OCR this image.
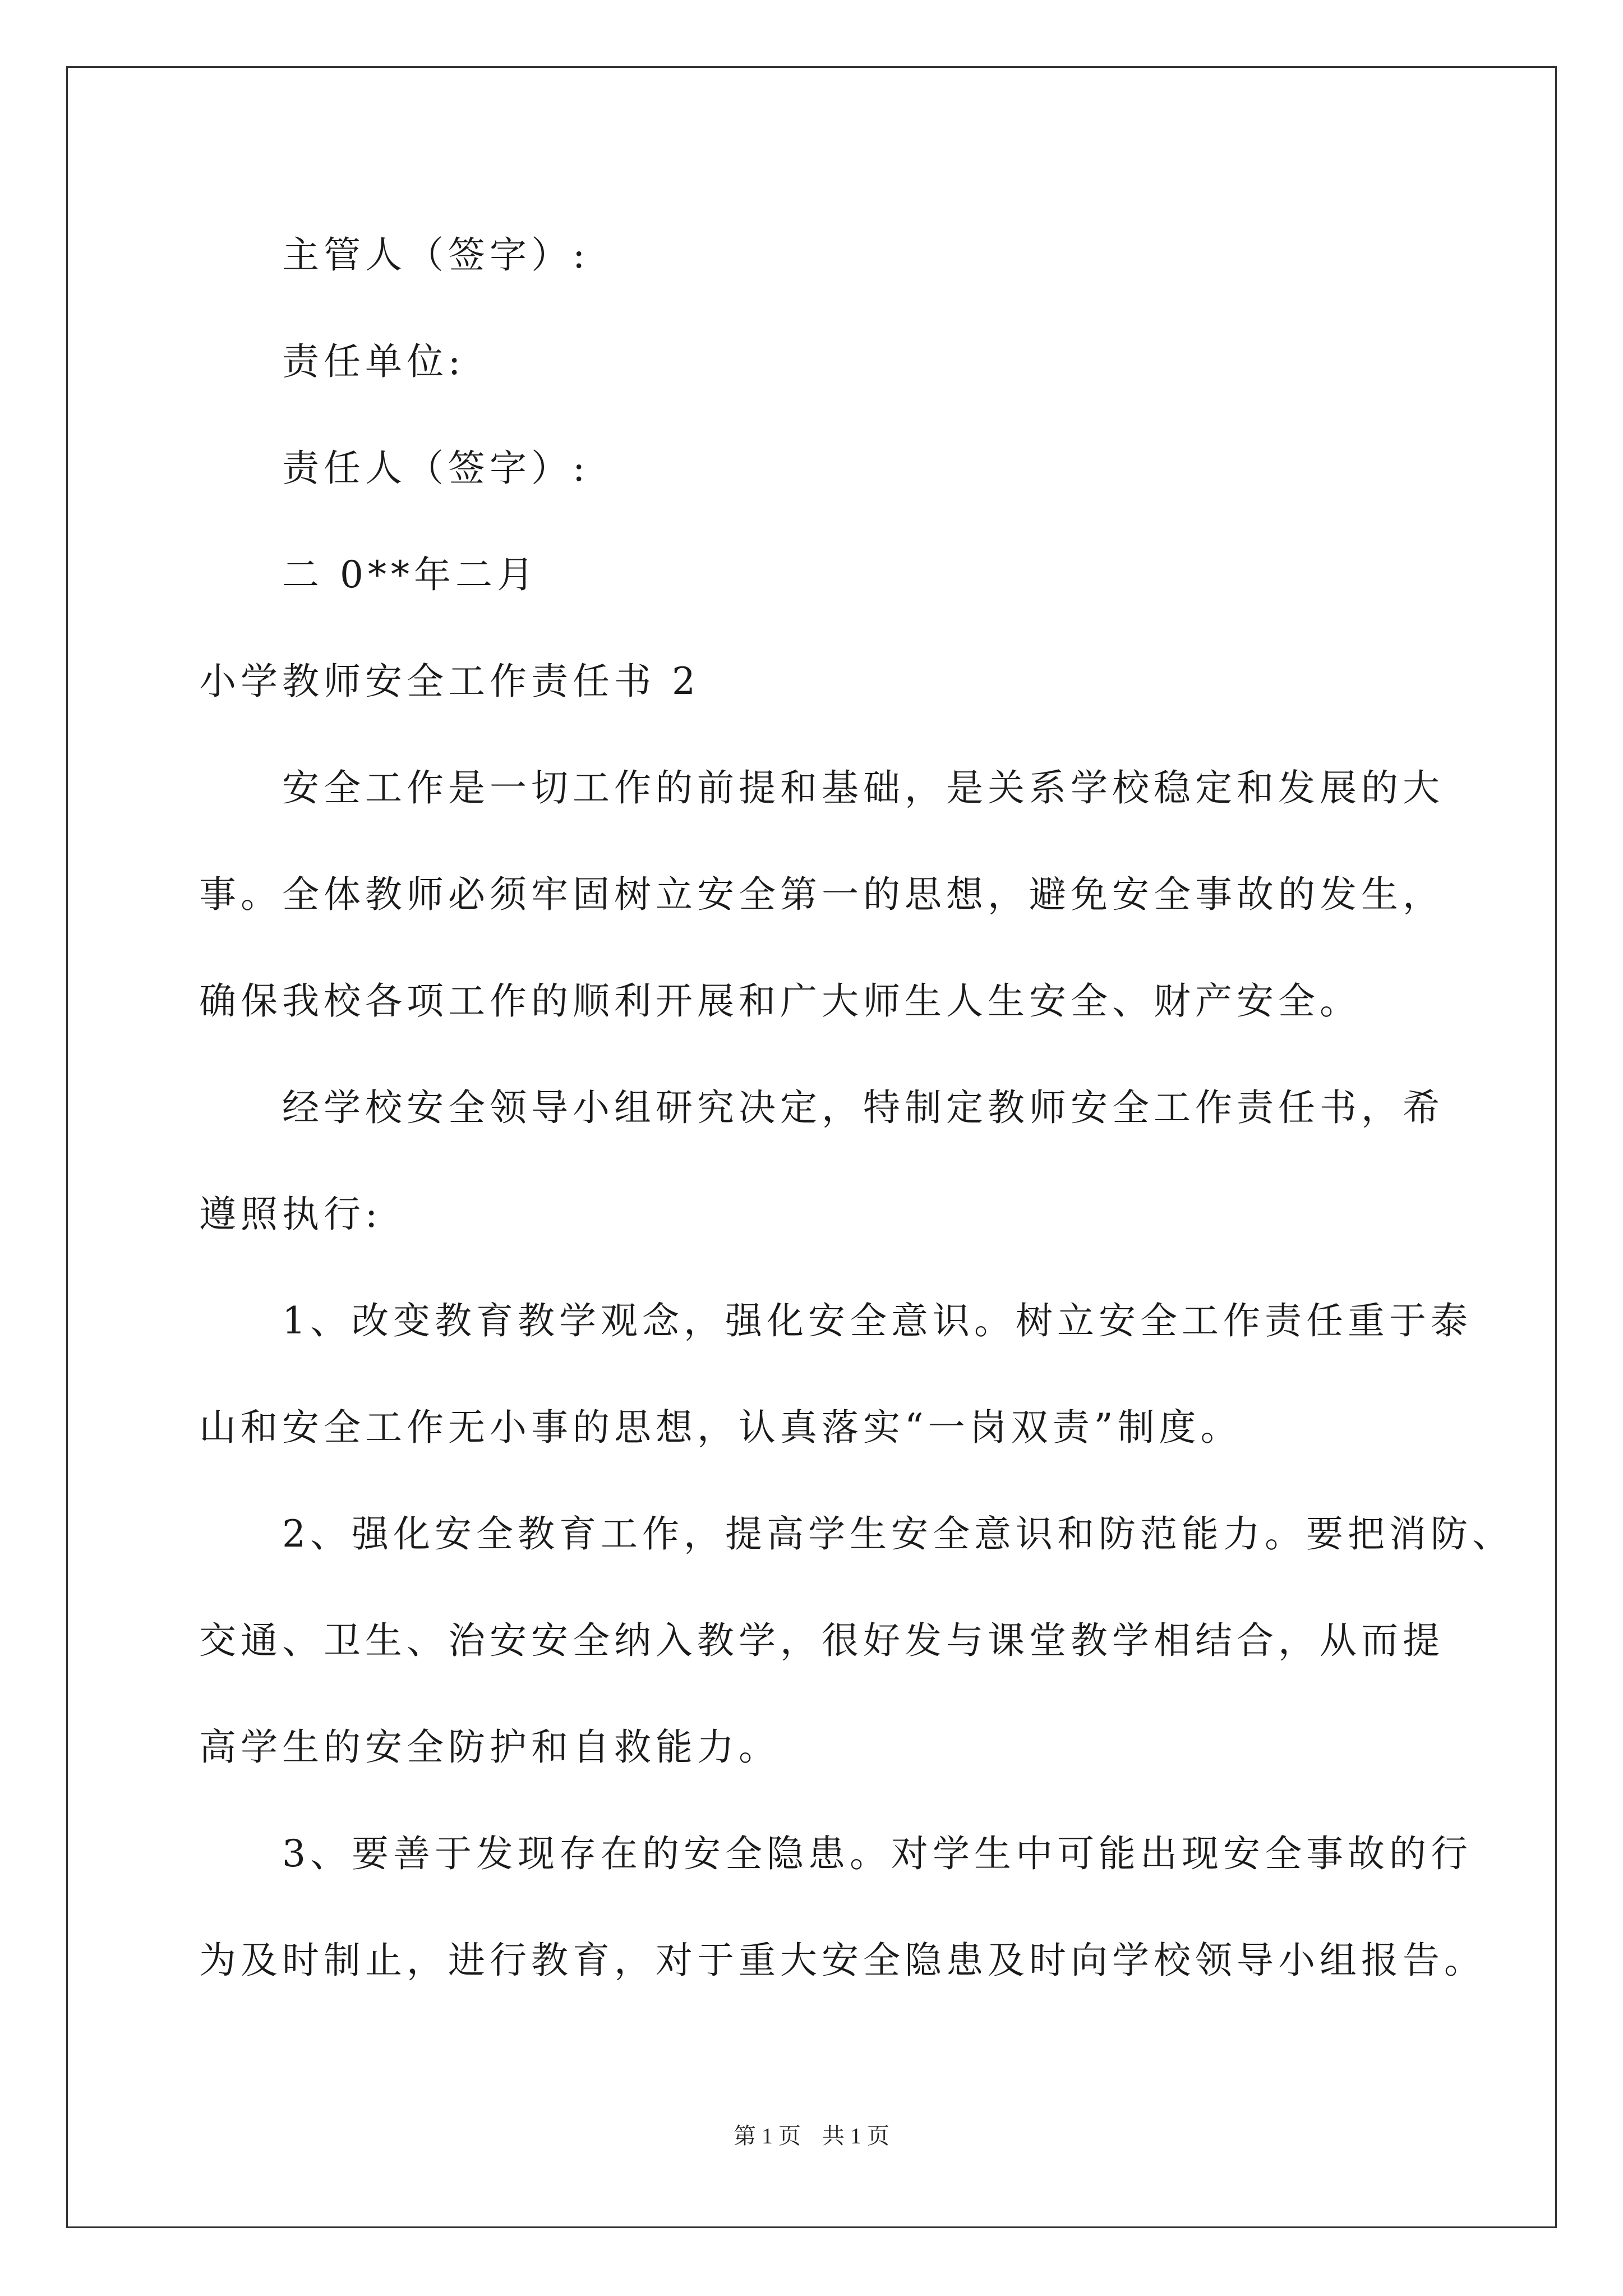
主管人（签字）:
责任单位:
责任人（签字）:
二 0**年二月
小学教师安全工作责任书 2
安全工作是一切工作的前提和基础，是关系学校稳定和发展的大
事。全体教师必须牢固树立安全第一的思想，避免安全事故的发生，
确保我校各项工作的顺利开展和广大师生人生安全、财产安全。
经学校安全领导小组研究决定，特制定教师安全工作责任书，希
遵照执行:
1、改变教育教学观念，强化安全意识。树立安全工作责任重于泰
山和安全工作无小事的思想，认真落实“一岗双责”制度。
2、强化安全教育工作，提高学生安全意识和防范能力。要把消防、
交通、卫生、治安安全纳入教学，很好发与课堂教学相结合，从而提
高学生的安全防护和自救能力。
3、要善于发现存在的安全隐患。对学生中可能出现安全事故的行
为及时制止，进行教育，对于重大安全隐患及时向学校领导小组报告。
第 1 页 共 1 页
